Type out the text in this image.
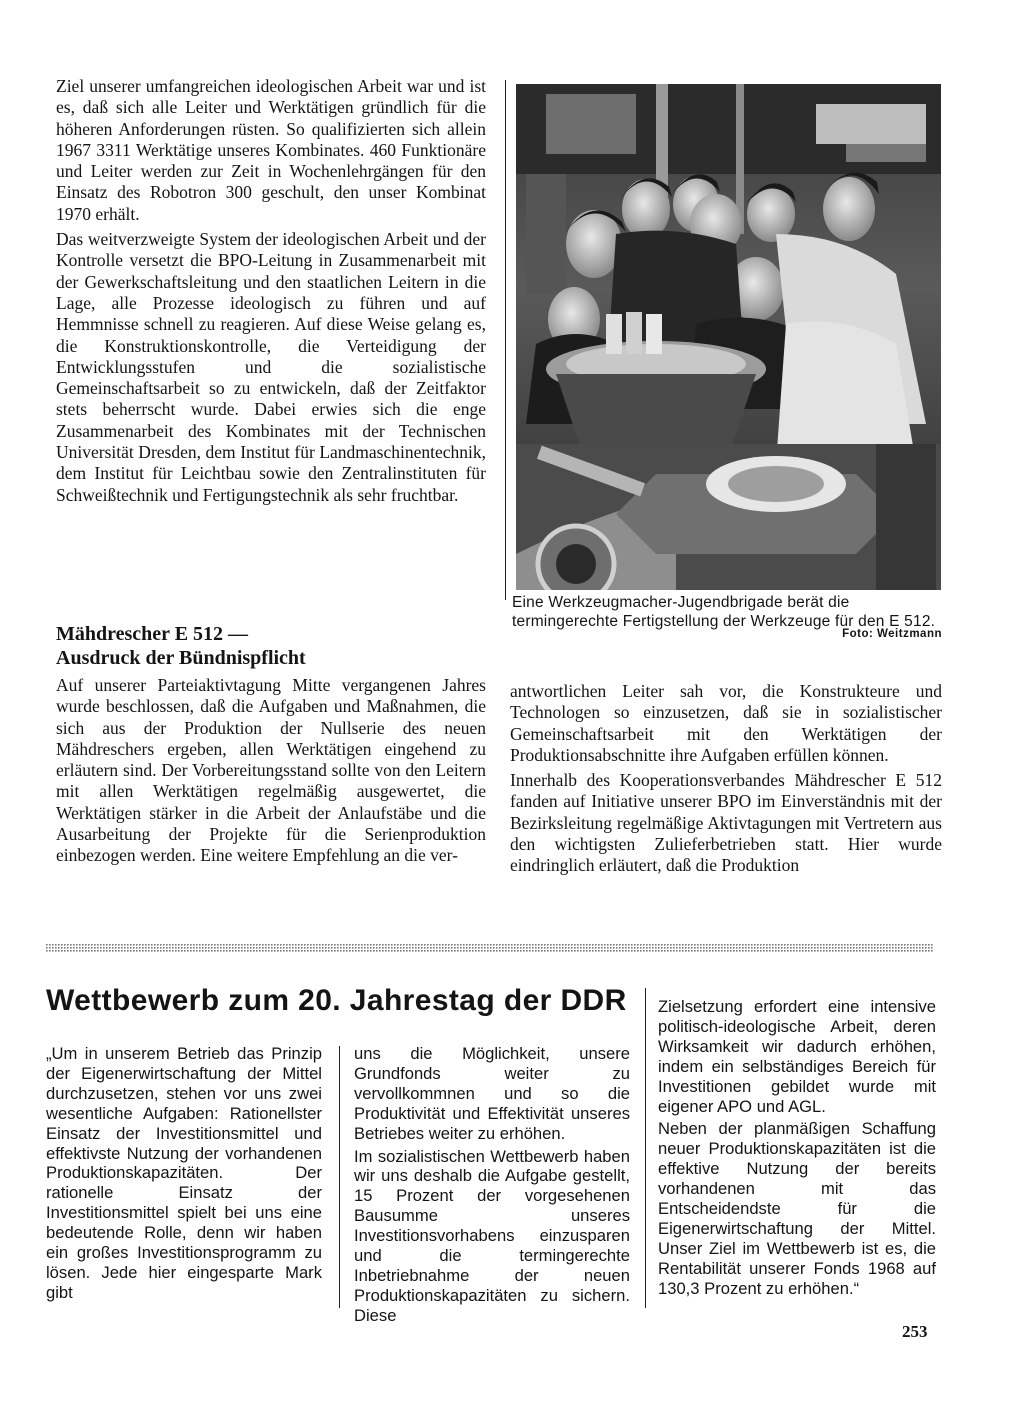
Ziel unserer umfangreichen ideologischen Arbeit war und ist es, daß sich alle Leiter und Werktätigen gründlich für die höheren Anforderungen rüsten. So qualifizierten sich allein 1967 3311 Werktätige unseres Kombinates. 460 Funktionäre und Leiter werden zur Zeit in Wochenlehrgängen für den Einsatz des Robotron 300 geschult, den unser Kombinat 1970 erhält.

Das weitverzweigte System der ideologischen Arbeit und der Kontrolle versetzt die BPO-Leitung in Zusammenarbeit mit der Gewerkschaftsleitung und den staatlichen Leitern in die Lage, alle Prozesse ideologisch zu führen und auf Hemmnisse schnell zu reagieren. Auf diese Weise gelang es, die Konstruktionskontrolle, die Verteidigung der Entwicklungsstufen und die sozialistische Gemeinschaftsarbeit so zu entwickeln, daß der Zeitfaktor stets beherrscht wurde. Dabei erwies sich die enge Zusammenarbeit des Kombinates mit der Technischen Universität Dresden, dem Institut für Landmaschinentechnik, dem Institut für Leichtbau sowie den Zentralinstituten für Schweißtechnik und Fertigungstechnik als sehr fruchtbar.

Eine Werkzeugmacher-Jugendbrigade berät die termingerechte Fertigstellung der Werkzeuge für den E 512.
Foto: Weitzmann
Mähdrescher E 512 —
Ausdruck der Bündnispflicht

Auf unserer Parteiaktivtagung Mitte vergangenen Jahres wurde beschlossen, daß die Aufgaben und Maßnahmen, die sich aus der Produktion der Nullserie des neuen Mähdreschers ergeben, allen Werktätigen eingehend zu erläutern sind. Der Vorbereitungsstand sollte von den Leitern mit allen Werktätigen regelmäßig ausgewertet, die Werktätigen stärker in die Arbeit der Anlaufstäbe und die Ausarbeitung der Projekte für die Serienproduktion einbezogen werden. Eine weitere Empfehlung an die ver-

antwortlichen Leiter sah vor, die Konstrukteure und Technologen so einzusetzen, daß sie in sozialistischer Gemeinschaftsarbeit mit den Werktätigen der Produktionsabschnitte ihre Aufgaben erfüllen können.

Innerhalb des Kooperationsverbandes Mähdrescher E 512 fanden auf Initiative unserer BPO im Einverständnis mit der Bezirksleitung regelmäßige Aktivtagungen mit Vertretern aus den wichtigsten Zulieferbetrieben statt. Hier wurde eindringlich erläutert, daß die Produktion

Wettbewerb zum 20. Jahrestag der DDR

„Um in unserem Betrieb das Prinzip der Eigenerwirtschaftung der Mittel durchzusetzen, stehen vor uns zwei wesentliche Aufgaben: Rationellster Einsatz der Investitionsmittel und effektivste Nutzung der vorhandenen Produktionskapazitäten. Der rationelle Einsatz der Investitionsmittel spielt bei uns eine bedeutende Rolle, denn wir haben ein großes Investitionsprogramm zu lösen. Jede hier eingesparte Mark gibt

uns die Möglichkeit, unsere Grundfonds weiter zu vervollkommnen und so die Produktivität und Effektivität unseres Betriebes weiter zu erhöhen.

Im sozialistischen Wettbewerb haben wir uns deshalb die Aufgabe gestellt, 15 Prozent der vorgesehenen Bausumme unseres Investitionsvorhabens einzusparen und die termingerechte Inbetriebnahme der neuen Produktionskapazitäten zu sichern. Diese

Zielsetzung erfordert eine intensive politisch-ideologische Arbeit, deren Wirksamkeit wir dadurch erhöhen, indem ein selbständiges Bereich für Investitionen gebildet wurde mit eigener APO und AGL.

Neben der planmäßigen Schaffung neuer Produktionskapazitäten ist die effektive Nutzung der bereits vorhandenen mit das Entscheidendste für die Eigenerwirtschaftung der Mittel. Unser Ziel im Wettbewerb ist es, die Rentabilität unserer Fonds 1968 auf 130,3 Prozent zu erhöhen.“

253
